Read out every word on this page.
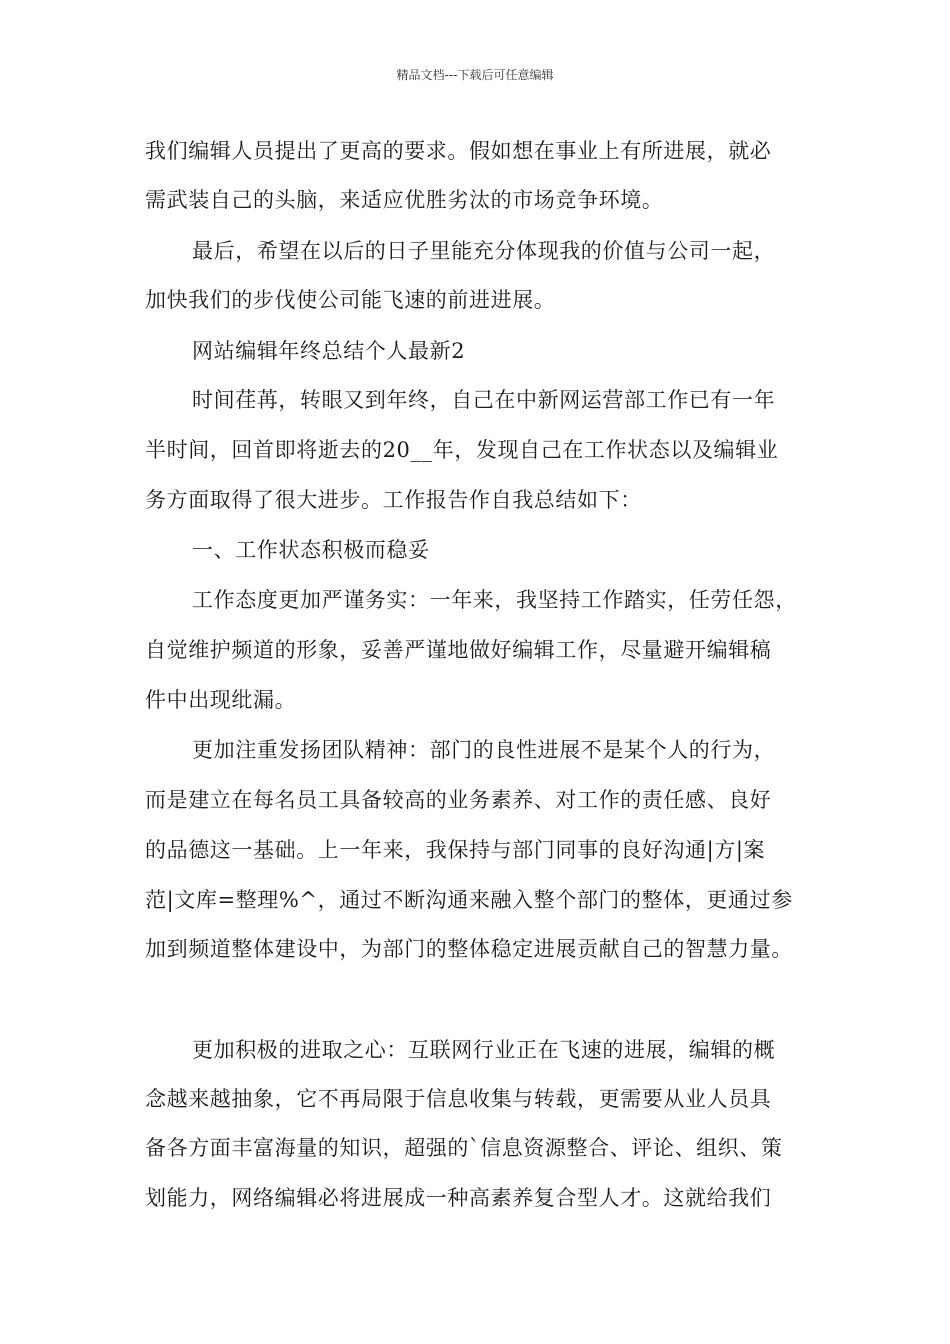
精品文档---下载后可任意编辑
我们编辑人员提出了更高的要求。假如想在事业上有所进展，就必
需武装自己的头脑，来适应优胜劣汰的市场竞争环境。
最后，希望在以后的日子里能充分体现我的价值与公司一起，
加快我们的步伐使公司能飞速的前进进展。
网站编辑年终总结个人最新2
时间荏苒，转眼又到年终，自己在中新网运营部工作已有一年
半时间，回首即将逝去的20__年，发现自己在工作状态以及编辑业
务方面取得了很大进步。工作报告作自我总结如下：
一、工作状态积极而稳妥
工作态度更加严谨务实：一年来，我坚持工作踏实，任劳任怨，
自觉维护频道的形象，妥善严谨地做好编辑工作，尽量避开编辑稿
件中出现纰漏。
更加注重发扬团队精神：部门的良性进展不是某个人的行为，
而是建立在每名员工具备较高的业务素养、对工作的责任感、良好
的品德这一基础。上一年来，我保持与部门同事的良好沟通|方|案
范|文库=整理%^，通过不断沟通来融入整个部门的整体，更通过参
加到频道整体建设中，为部门的整体稳定进展贡献自己的智慧力量。
更加积极的进取之心：互联网行业正在飞速的进展，编辑的概
念越来越抽象，它不再局限于信息收集与转载，更需要从业人员具
备各方面丰富海量的知识，超强的`信息资源整合、评论、组织、策
划能力，网络编辑必将进展成一种高素养复合型人才。这就给我们
